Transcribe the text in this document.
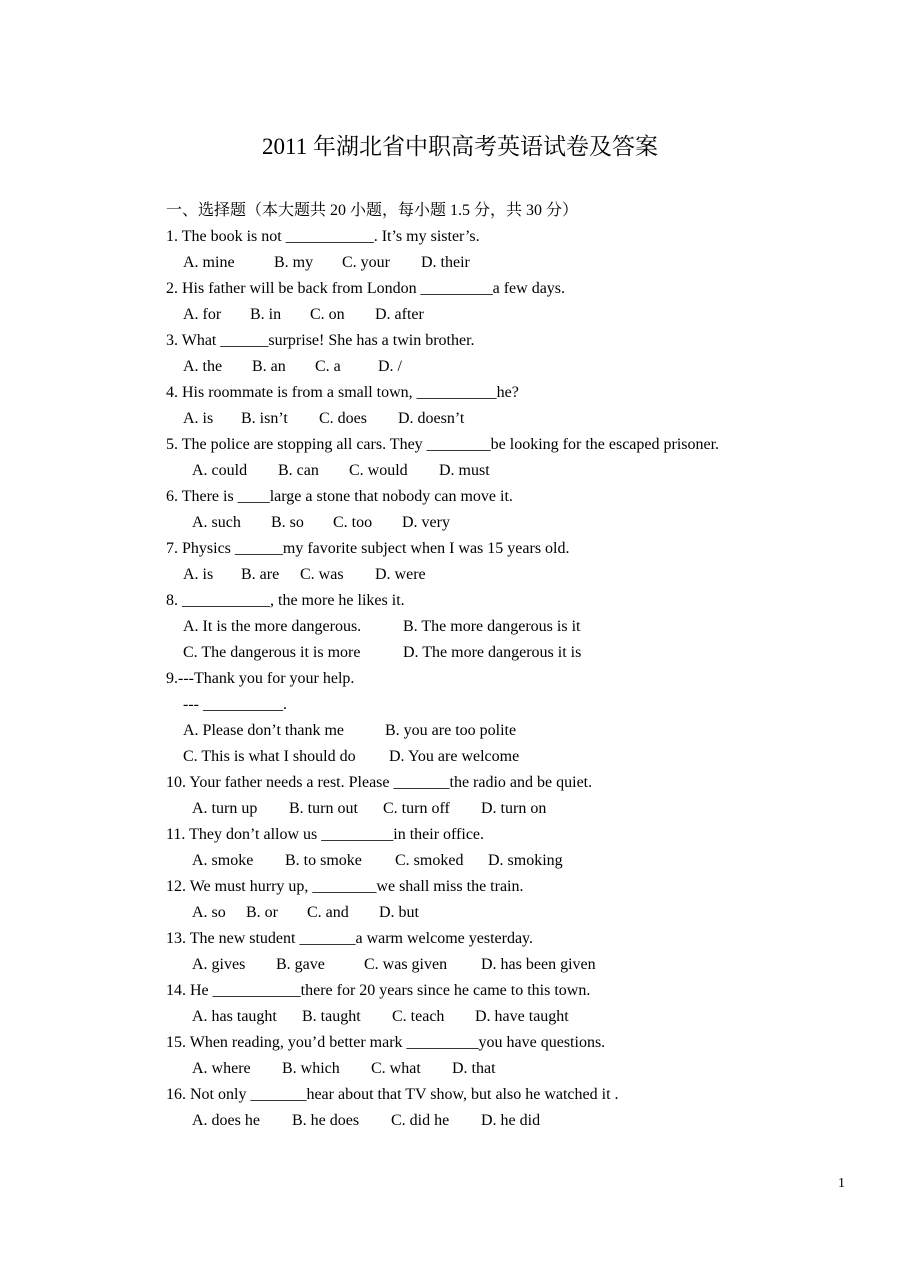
2011 年湖北省中职高考英语试卷及答案
一、选择题（本大题共 20 小题，每小题 1.5 分，共 30 分）
1. The book is not ___________. It’s my sister’s.
A. mine B. my C. your D. their
2. His father will be back from London _________a few days.
A. for B. in C. on D. after
3. What ______surprise! She has a twin brother.
A. the B. an C. a D. /
4. His roommate is from a small town, __________he?
A. is B. isn’t C. does D. doesn’t
5. The police are stopping all cars. They ________be looking for the escaped prisoner.
A. could B. can C. would D. must
6. There is ____large a stone that nobody can move it.
A. such B. so C. too D. very
7. Physics ______my favorite subject when I was 15 years old.
A. is B. are C. was D. were
8. ___________, the more he likes it.
A. It is the more dangerous.	B. The more dangerous is it
C. The dangerous it is more	D. The more dangerous it is
9.---Thank you for your help.
--- __________.
A. Please don’t thank me	B. you are too polite
C. This is what I should do D. You are welcome
10. Your father needs a rest. Please _______the radio and be quiet.
A. turn up B. turn out C. turn off D. turn on
11. They don’t allow us _________in their office.
A. smoke B. to smoke C. smoked D. smoking
12. We must hurry up, ________we shall miss the train.
A. so B. or C. and D. but
13. The new student _______a warm welcome yesterday.
A. gives B. gave C. was given D. has been given
14. He ___________there for 20 years since he came to this town.
A. has taught B. taught C. teach D. have taught
15. When reading, you’d better mark _________you have questions.
A. where B. which C. what D. that
16. Not only _______hear about that TV show, but also he watched it .
A. does he B. he does C. did he D. he did
1
